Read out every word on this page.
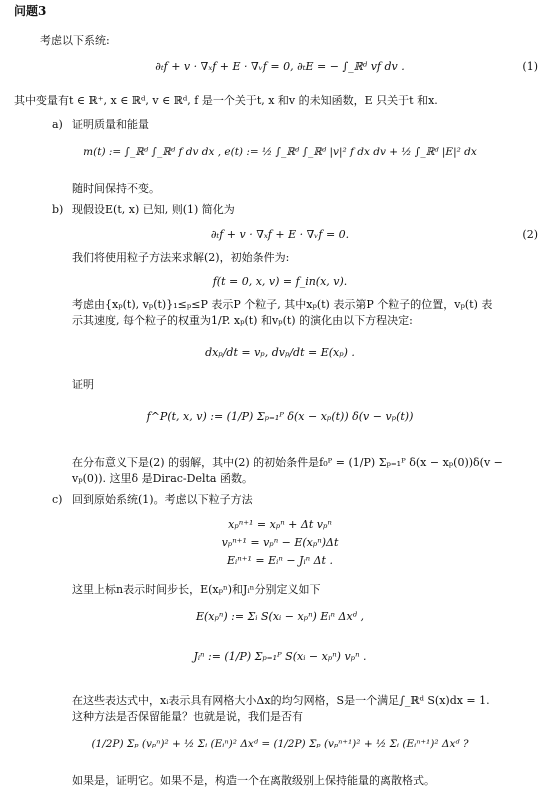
问题3
考虑以下系统:
∂ₜf + v · ∇ₓf + E · ∇ᵥf = 0, ∂ₜE = − ∫_ℝᵈ vf dv .	(1)
其中变量有t ∈ ℝ⁺, x ∈ ℝᵈ, v ∈ ℝᵈ, f 是一个关于t, x 和v 的未知函数，E 只关于t 和x.
a) 证明质量和能量
m(t) := ∫_ℝᵈ ∫_ℝᵈ f dv dx , e(t) := ½ ∫_ℝᵈ ∫_ℝᵈ |v|² f dx dv + ½ ∫_ℝᵈ |E|² dx
随时间保持不变。
b) 现假设E(t, x) 已知, 则(1) 简化为
∂ₜf + v · ∇ₓf + E · ∇ᵥf = 0.	(2)
我们将使用粒子方法来求解(2)，初始条件为:
f(t = 0, x, v) = f_in(x, v).
考虑由{xₚ(t), vₚ(t)}₁≤ₚ≤P 表示P 个粒子, 其中xₚ(t) 表示第P 个粒子的位置，vₚ(t) 表
示其速度, 每个粒子的权重为1/P. xₚ(t) 和vₚ(t) 的演化由以下方程决定:
dxₚ/dt = vₚ, dvₚ/dt = E(xₚ) .
证明
f^P(t, x, v) := (1/P) Σₚ₌₁ᴾ δ(x − xₚ(t)) δ(v − vₚ(t))
在分布意义下是(2) 的弱解，其中(2) 的初始条件是f₀ᴾ = (1/P) Σₚ₌₁ᴾ δ(x − xₚ(0))δ(v −
vₚ(0)). 这里δ 是Dirac-Delta 函数。
c) 回到原始系统(1)。考虑以下粒子方法
xₚⁿ⁺¹ = xₚⁿ + Δt vₚⁿ
vₚⁿ⁺¹ = vₚⁿ − E(xₚⁿ)Δt
Eᵢⁿ⁺¹ = Eᵢⁿ − Jᵢⁿ Δt .
这里上标n表示时间步长，E(xₚⁿ)和Jᵢⁿ分别定义如下
E(xₚⁿ) := Σᵢ S(xᵢ − xₚⁿ) Eᵢⁿ Δxᵈ ,
Jᵢⁿ := (1/P) Σₚ₌₁ᴾ S(xᵢ − xₚⁿ) vₚⁿ .
在这些表达式中，xᵢ表示具有网格大小Δx的均匀网格，S是一个满足∫_ℝᵈ S(x)dx = 1.
这种方法是否保留能量？也就是说，我们是否有
(1/2P) Σₚ (vₚⁿ)² + ½ Σᵢ (Eᵢⁿ)² Δxᵈ = (1/2P) Σₚ (vₚⁿ⁺¹)² + ½ Σᵢ (Eᵢⁿ⁺¹)² Δxᵈ ?
如果是，证明它。如果不是，构造一个在离散级别上保持能量的离散格式。
